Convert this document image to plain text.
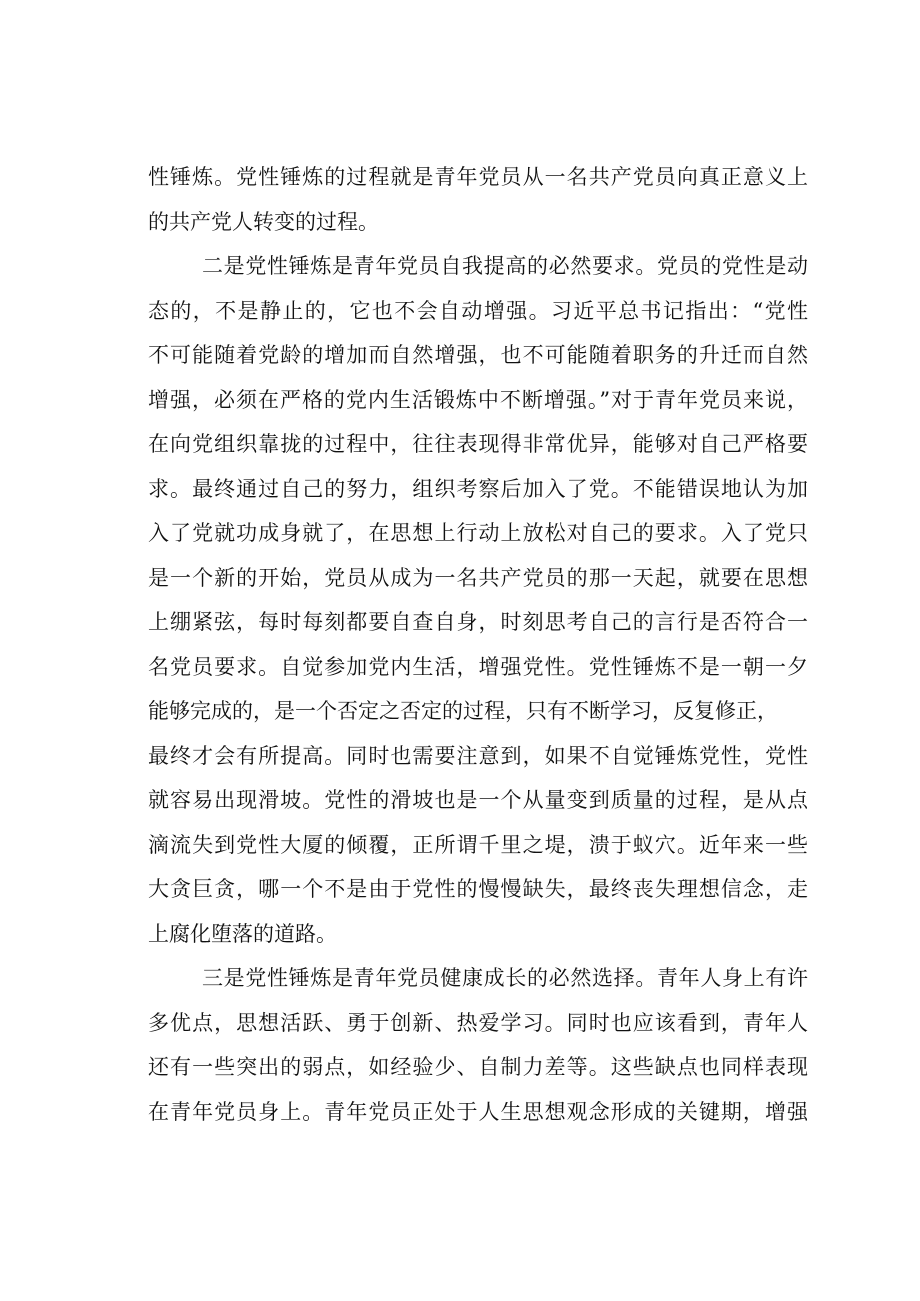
性锤炼。党性锤炼的过程就是青年党员从一名共产党员向真正意义上
的共产党人转变的过程。
二是党性锤炼是青年党员自我提高的必然要求。党员的党性是动
态的，不是静止的，它也不会自动增强。习近平总书记指出：“党性
不可能随着党龄的增加而自然增强，也不可能随着职务的升迁而自然
增强，必须在严格的党内生活锻炼中不断增强。”对于青年党员来说，
在向党组织靠拢的过程中，往往表现得非常优异，能够对自己严格要
求。最终通过自己的努力，组织考察后加入了党。不能错误地认为加
入了党就功成身就了，在思想上行动上放松对自己的要求。入了党只
是一个新的开始，党员从成为一名共产党员的那一天起，就要在思想
上绷紧弦，每时每刻都要自查自身，时刻思考自己的言行是否符合一
名党员要求。自觉参加党内生活，增强党性。党性锤炼不是一朝一夕
能够完成的，是一个否定之否定的过程，只有不断学习，反复修正，
最终才会有所提高。同时也需要注意到，如果不自觉锤炼党性，党性
就容易出现滑坡。党性的滑坡也是一个从量变到质量的过程，是从点
滴流失到党性大厦的倾覆，正所谓千里之堤，溃于蚁穴。近年来一些
大贪巨贪，哪一个不是由于党性的慢慢缺失，最终丧失理想信念，走
上腐化堕落的道路。
三是党性锤炼是青年党员健康成长的必然选择。青年人身上有许
多优点，思想活跃、勇于创新、热爱学习。同时也应该看到，青年人
还有一些突出的弱点，如经验少、自制力差等。这些缺点也同样表现
在青年党员身上。青年党员正处于人生思想观念形成的关键期，增强
